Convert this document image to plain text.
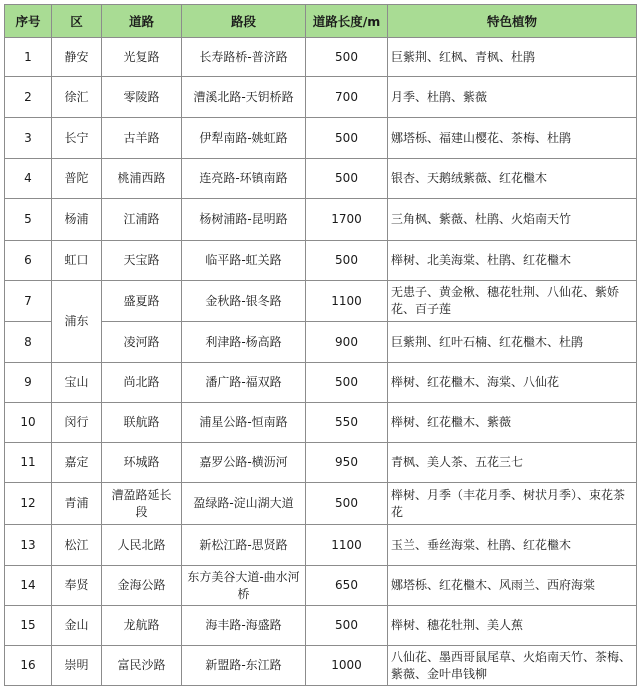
序号	区	道路	路段	道路长度/m	特色植物
1	静安	光复路	长寿路桥-普济路	500	巨紫荆、红枫、青枫、杜鹃
2	徐汇	零陵路	漕溪北路-天钥桥路	700	月季、杜鹃、紫薇
3	长宁	古羊路	伊犁南路-姚虹路	500	娜塔栎、福建山樱花、茶梅、杜鹃
4	普陀	桃浦西路	连亮路-环镇南路	500	银杏、天鹅绒紫薇、红花檵木
5	杨浦	江浦路	杨树浦路-昆明路	1700	三角枫、紫薇、杜鹃、火焰南天竹
6	虹口	天宝路	临平路-虹关路	500	榉树、北美海棠、杜鹃、红花檵木
7	浦东	盛夏路	金秋路-银冬路	1100	无患子、黄金楸、穗花牡荆、八仙花、紫娇花、百子莲
8		凌河路	利津路-杨高路	900	巨紫荆、红叶石楠、红花檵木、杜鹃
9	宝山	尚北路	潘广路-福双路	500	榉树、红花檵木、海棠、八仙花
10	闵行	联航路	浦星公路-恒南路	550	榉树、红花檵木、紫薇
11	嘉定	环城路	嘉罗公路-横沥河	950	青枫、美人茶、五花三七
12	青浦	漕盈路延长段	盈绿路-淀山湖大道	500	榉树、月季（丰花月季、树状月季）、束花茶花
13	松江	人民北路	新松江路-思贤路	1100	玉兰、垂丝海棠、杜鹃、红花檵木
14	奉贤	金海公路	东方美谷大道-曲水河桥	650	娜塔栎、红花檵木、风雨兰、西府海棠
15	金山	龙航路	海丰路-海盛路	500	榉树、穗花牡荆、美人蕉
16	崇明	富民沙路	新盟路-东江路	1000	八仙花、墨西哥鼠尾草、火焰南天竹、茶梅、紫薇、金叶串钱柳
